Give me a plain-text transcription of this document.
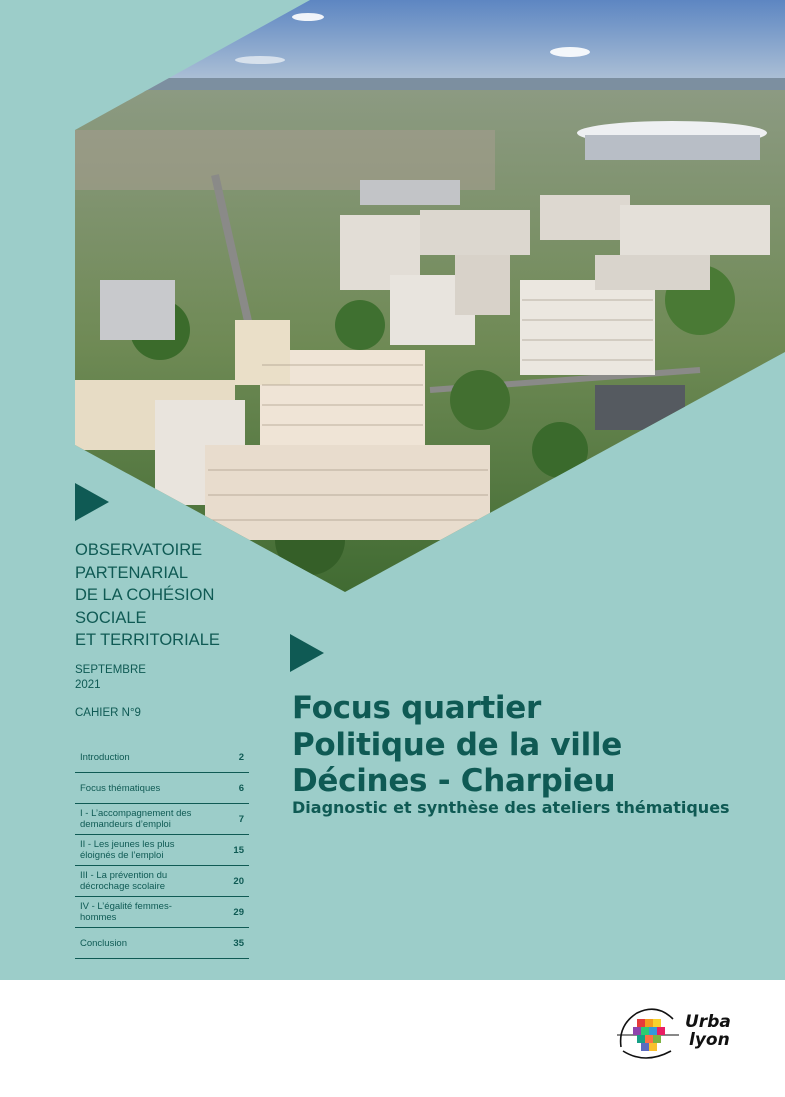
OBSERVATOIRE
PARTENARIAL
DE LA COHÉSION
SOCIALE
ET TERRITORIALE
SEPTEMBRE
2021
CAHIER N°9
Introduction	2
Focus thématiques	6
I - L’accompagnement des demandeurs d’emploi	7
II - Les jeunes les plus éloignés de l’emploi	15
III - La prévention du décrochage scolaire	20
IV - L’égalité femmes-hommes	29
Conclusion	35
Focus quartier
Politique de la ville
Décines - Charpieu
Diagnostic et synthèse des ateliers thématiques
Urba
lyon
